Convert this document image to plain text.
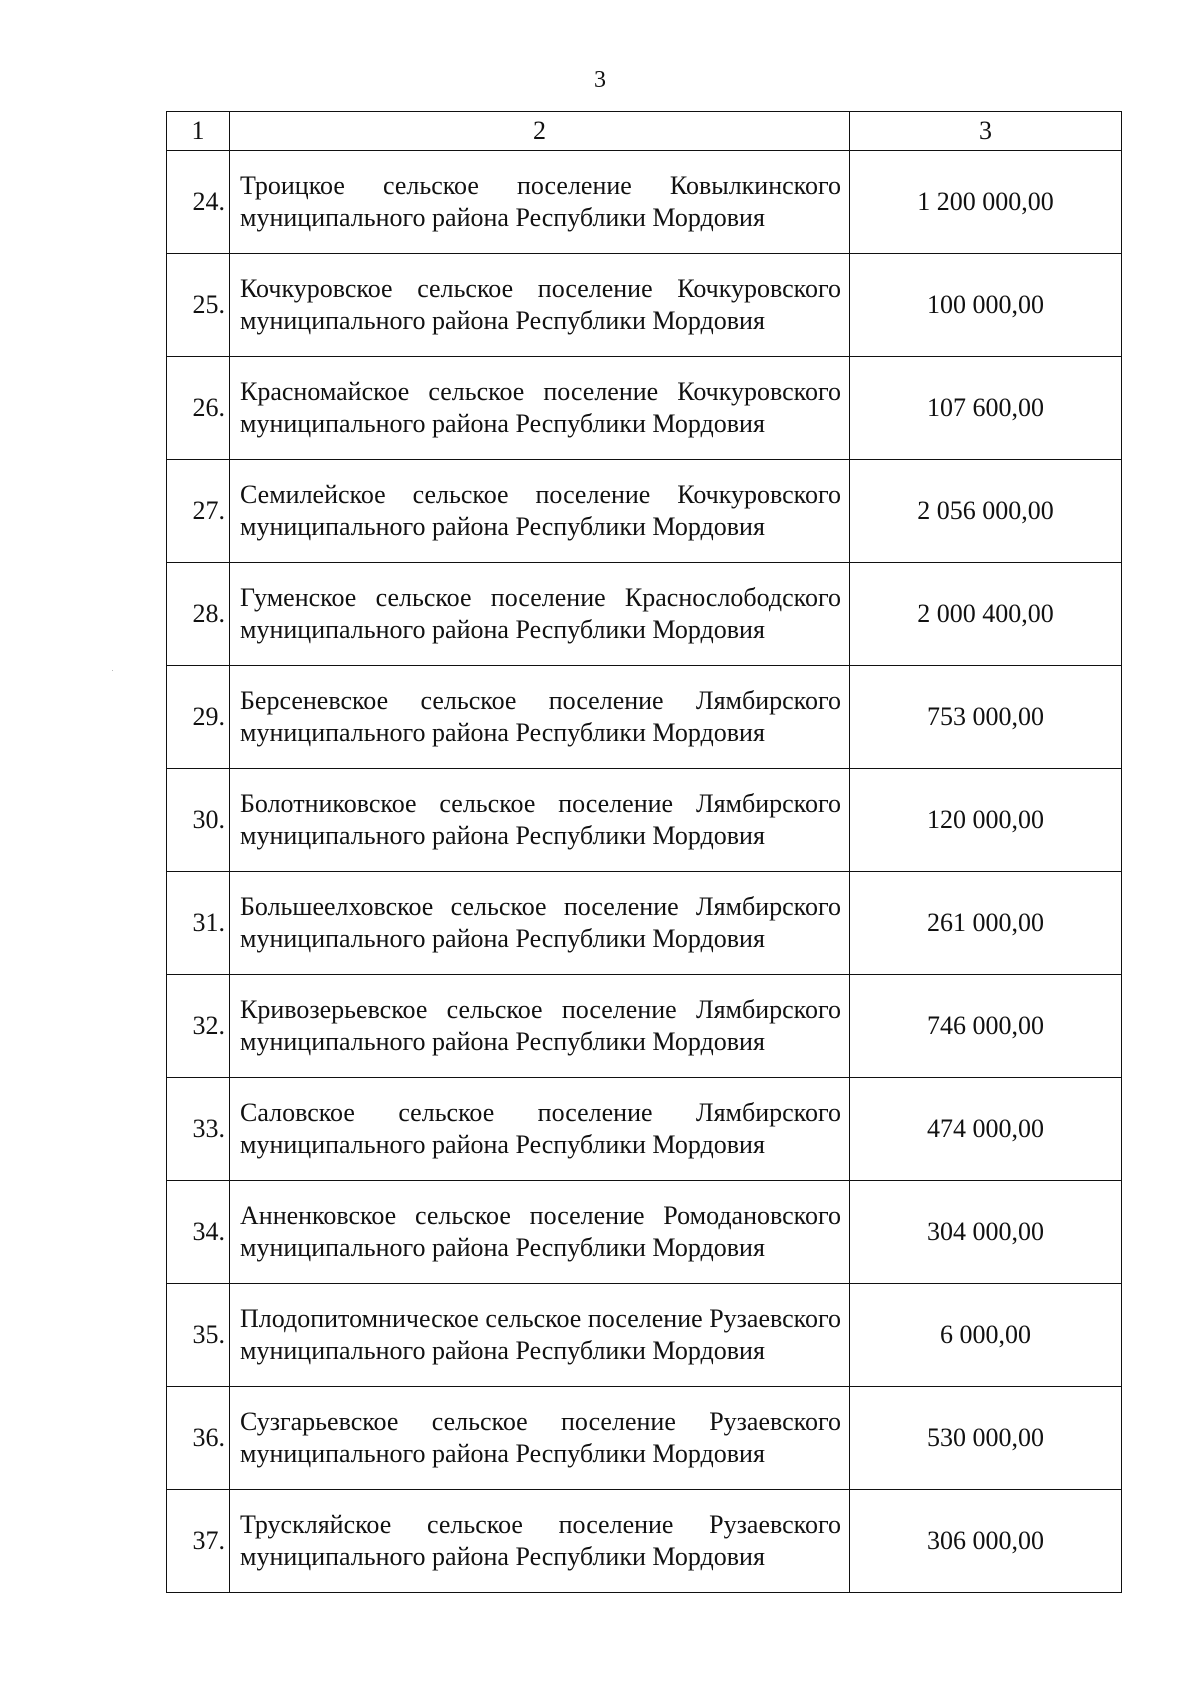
3
1	2	3
24.	Троицкое сельское поселение Ковылкинского муниципального района Республики Мордовия	1 200 000,00
25.	Кочкуровское сельское поселение Кочкуровского муниципального района Республики Мордовия	100 000,00
26.	Красномайское сельское поселение Кочкуровского муниципального района Республики Мордовия	107 600,00
27.	Семилейское сельское поселение Кочкуровского муниципального района Республики Мордовия	2 056 000,00
28.	Гуменское сельское поселение Краснослободского муниципального района Республики Мордовия	2 000 400,00
29.	Берсеневское сельское поселение Лямбирского муниципального района Республики Мордовия	753 000,00
30.	Болотниковское сельское поселение Лямбирского муниципального района Республики Мордовия	120 000,00
31.	Большеелховское сельское поселение Лямбирского муниципального района Республики Мордовия	261 000,00
32.	Кривозерьевское сельское поселение Лямбирского муниципального района Республики Мордовия	746 000,00
33.	Саловское сельское поселение Лямбирского муниципального района Республики Мордовия	474 000,00
34.	Анненковское сельское поселение Ромодановского муниципального района Республики Мордовия	304 000,00
35.	Плодопитомническое сельское поселение Рузаевского муниципального района Республики Мордовия	6 000,00
36.	Сузгарьевское сельское поселение Рузаевского муниципального района Республики Мордовия	530 000,00
37.	Трускляйское сельское поселение Рузаевского муниципального района Республики Мордовия	306 000,00
